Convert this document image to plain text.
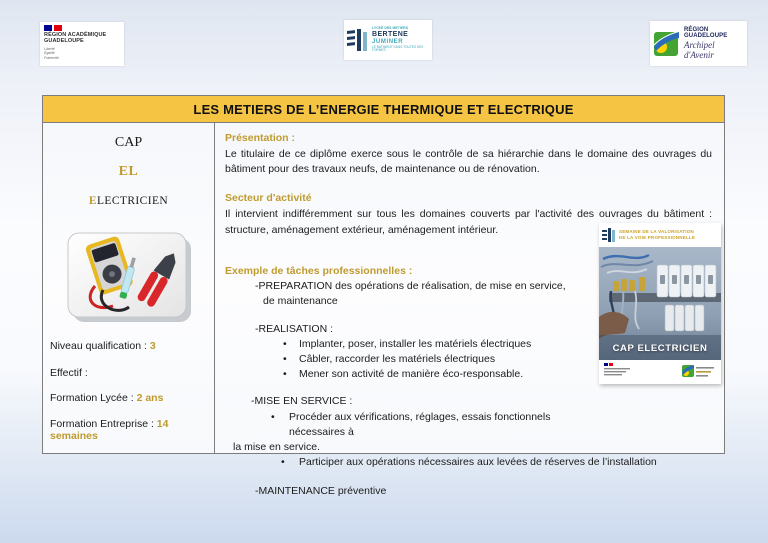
RÉGION ACADÉMIQUE
GUADELOUPE
Liberté
Égalité
Fraternité
LYCEE DES METIERS
BERTENE
JUMINER
LE BATIMENT DANS TOUTES SES FORMES
RÉGION GUADELOUPE
Archipel d'Avenir
LES METIERS DE L’ENERGIE THERMIQUE ET ELECTRIQUE
CAP
EL
ELECTRICIEN
Niveau qualification : 3
Effectif :
Formation Lycée : 2 ans
Formation Entreprise : 14 semaines
Présentation :

Le titulaire de ce diplôme exerce sous le contrôle de sa hiérarchie dans le domaine des ouvrages du bâtiment pour des travaux neufs, de maintenance ou de rénovation.

Secteur d'activité

Il intervient indifféremment sur tous les domaines couverts par l'activité des ouvrages du bâtiment : structure, aménagement extérieur, aménagement intérieur.

Exemple de tâches professionnelles :
-PREPARATION des opérations de réalisation, de mise en service,
de maintenance
-REALISATION :
• Implanter, poser, installer les matériels électriques
• Câbler, raccorder les matériels électriques
• Mener son activité de manière éco-responsable.
-MISE EN SERVICE :
• Procéder aux vérifications, réglages, essais fonctionnels nécessaires à
la mise en service.
• Participer aux opérations nécessaires aux levées de réserves de l’installation
-MAINTENANCE préventive
SEMAINE DE LA VALORISATION
DE LA VOIE PROFESSIONNELLE
CAP ELECTRICIEN
